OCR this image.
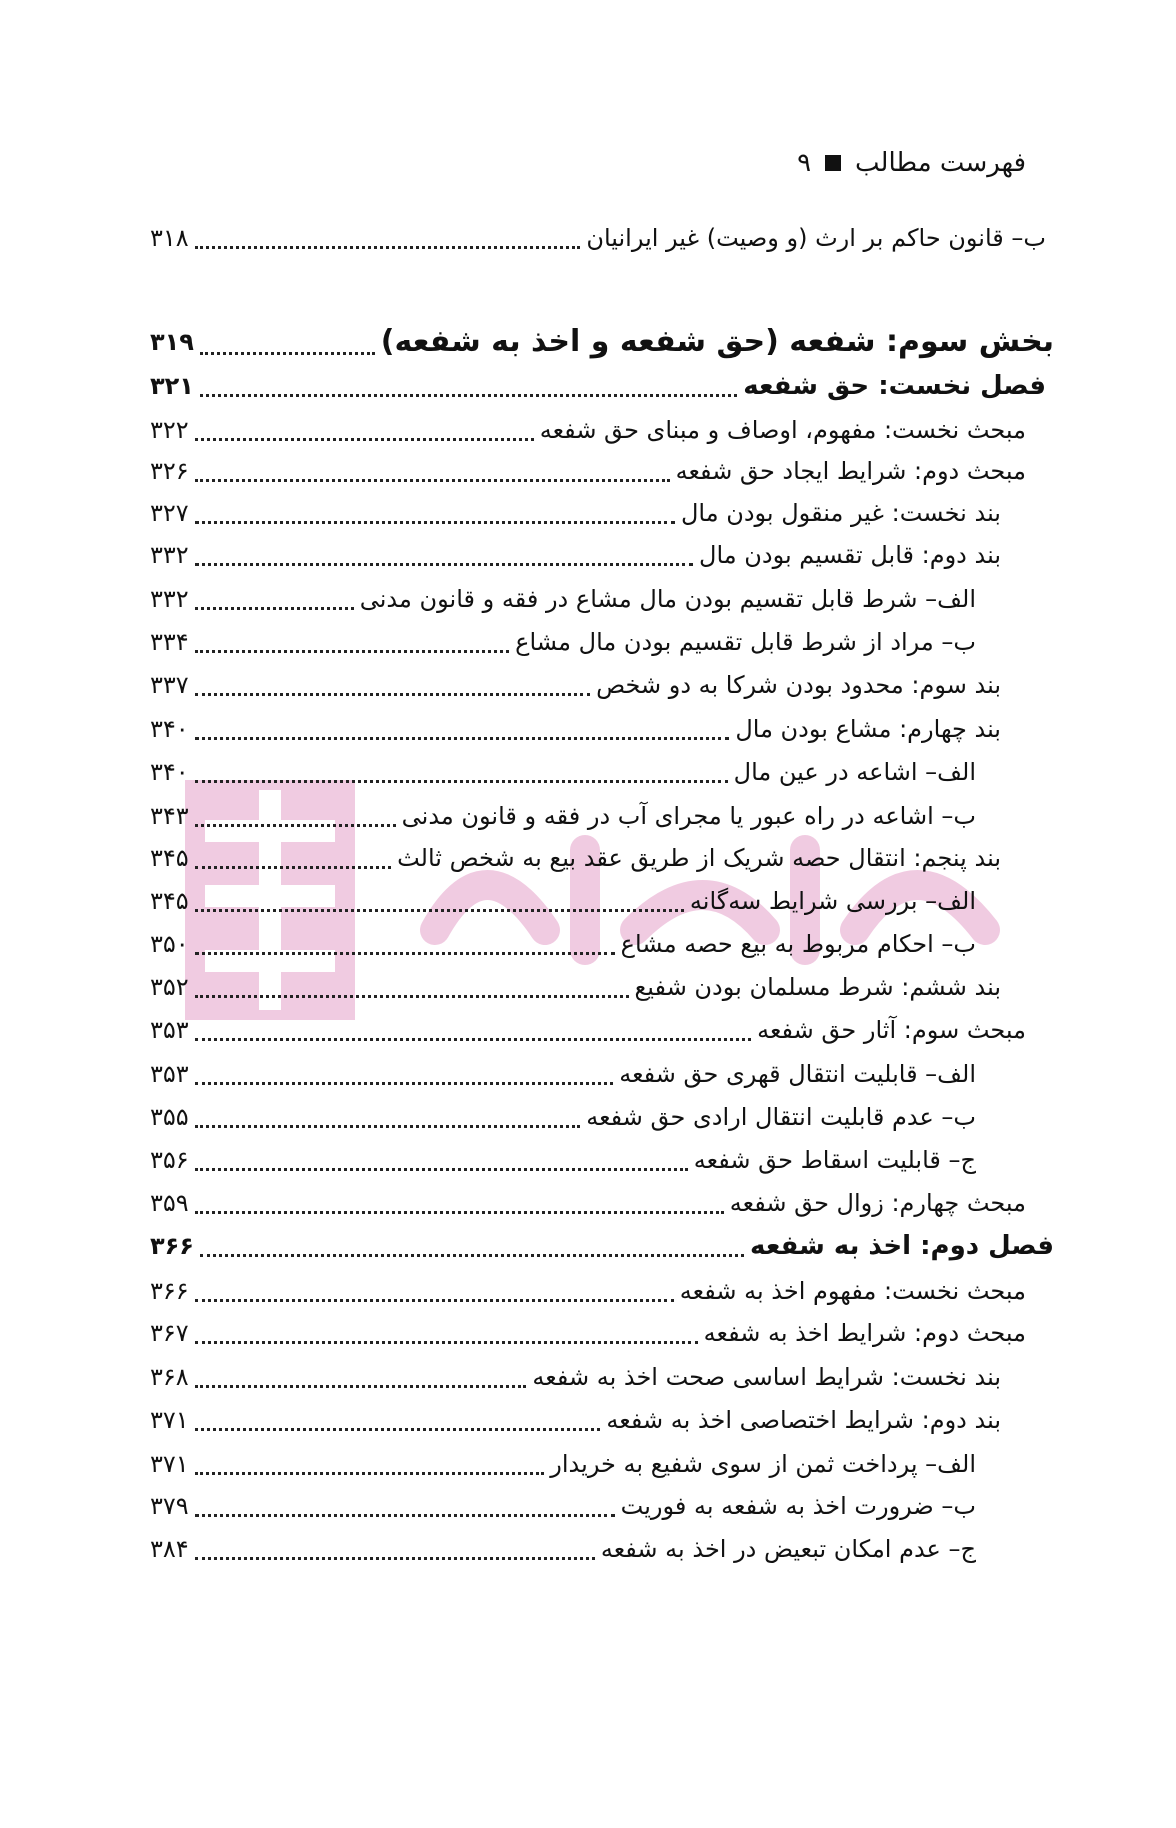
فهرست مطالب
۹
ب– قانون حاکم بر ارث (و وصیت) غیر ایرانیان
۳۱۸
بخش سوم: شفعه (حق شفعه و اخذ به شفعه)
۳۱۹
فصل نخست: حق شفعه
۳۲۱
مبحث نخست: مفهوم، اوصاف و مبنای حق شفعه
۳۲۲
مبحث دوم: شرایط ایجاد حق شفعه
۳۲۶
بند نخست: غیر منقول بودن مال
۳۲۷
بند دوم: قابل تقسیم بودن مال
۳۳۲
الف– شرط قابل تقسیم بودن مال مشاع در فقه و قانون مدنی
۳۳۲
ب– مراد از شرط قابل تقسیم بودن مال مشاع
۳۳۴
بند سوم: محدود بودن شرکا به دو شخص
۳۳۷
بند چهارم: مشاع بودن مال
۳۴۰
الف– اشاعه در عین مال
۳۴۰
ب– اشاعه در راه عبور یا مجرای آب در فقه و قانون مدنی
۳۴۳
بند پنجم: انتقال حصه شریک از طریق عقد بیع به شخص ثالث
۳۴۵
الف– بررسی شرایط سه‌گانه
۳۴۵
ب– احکام مربوط به بیع حصه مشاع
۳۵۰
بند ششم: شرط مسلمان بودن شفیع
۳۵۲
مبحث سوم: آثار حق شفعه
۳۵۳
الف– قابلیت انتقال قهری حق شفعه
۳۵۳
ب– عدم قابلیت انتقال ارادی حق شفعه
۳۵۵
ج– قابلیت اسقاط حق شفعه
۳۵۶
مبحث چهارم: زوال حق شفعه
۳۵۹
فصل دوم: اخذ به شفعه
۳۶۶
مبحث نخست: مفهوم اخذ به شفعه
۳۶۶
مبحث دوم: شرایط اخذ به شفعه
۳۶۷
بند نخست: شرایط اساسی صحت اخذ به شفعه
۳۶۸
بند دوم: شرایط اختصاصی اخذ به شفعه
۳۷۱
الف– پرداخت ثمن از سوی شفیع به خریدار
۳۷۱
ب– ضرورت اخذ به شفعه به فوریت
۳۷۹
ج– عدم امکان تبعیض در اخذ به شفعه
۳۸۴
